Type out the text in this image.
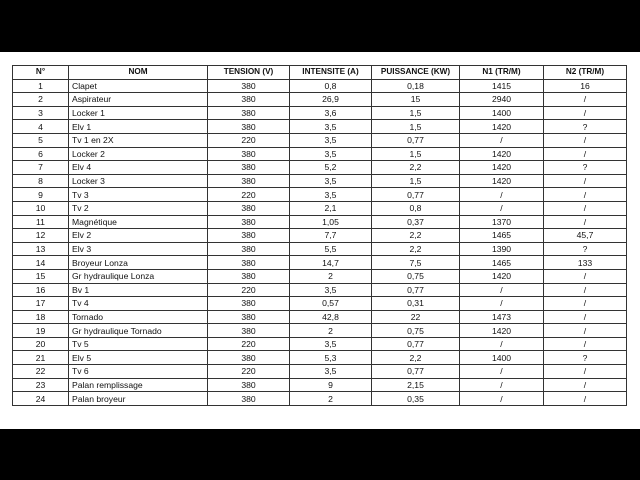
N°	NOM	TENSION (V)	INTENSITE (A)	PUISSANCE (KW)	N1 (TR/M)	N2 (TR/M)
1	Clapet	380	0,8	0,18	1415	16
2	Aspirateur	380	26,9	15	2940	/
3	Locker 1	380	3,6	1,5	1400	/
4	Elv 1	380	3,5	1,5	1420	?
5	Tv 1 en 2X	220	3,5	0,77	/	/
6	Locker 2	380	3,5	1,5	1420	/
7	Elv 4	380	5,2	2,2	1420	?
8	Locker 3	380	3,5	1,5	1420	/
9	Tv 3	220	3,5	0,77	/	/
10	Tv 2	380	2,1	0,8	/	/
11	Magnétique	380	1,05	0,37	1370	/
12	Elv 2	380	7,7	2,2	1465	45,7
13	Elv 3	380	5,5	2,2	1390	?
14	Broyeur Lonza	380	14,7	7,5	1465	133
15	Gr hydraulique Lonza	380	2	0,75	1420	/
16	Bv 1	220	3,5	0,77	/	/
17	Tv 4	380	0,57	0,31	/	/
18	Tornado	380	42,8	22	1473	/
19	Gr hydraulique Tornado	380	2	0,75	1420	/
20	Tv 5	220	3,5	0,77	/	/
21	Elv 5	380	5,3	2,2	1400	?
22	Tv 6	220	3,5	0,77	/	/
23	Palan remplissage	380	9	2,15	/	/
24	Palan broyeur	380	2	0,35	/	/
